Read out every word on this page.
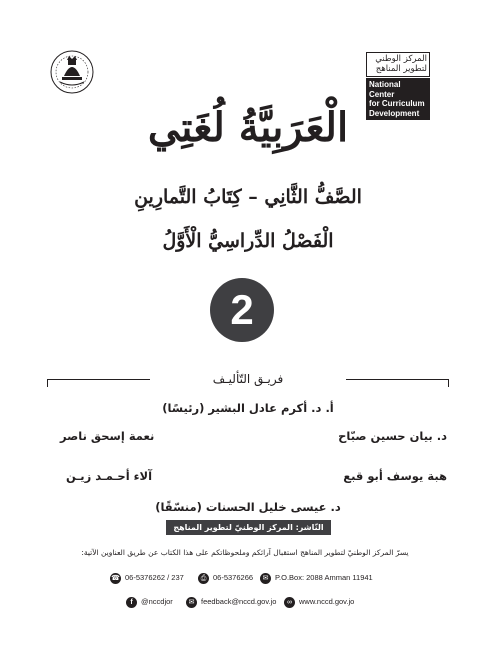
المركز الوطني
لتطوير المناهج
National Center
for Curriculum
Development
الْعَرَبِيَّةُ لُغَتِي
الصَّفُّ الثَّانِي – كِتَابُ التَّمارِينِ
الْفَصْلُ الدِّراسِيُّ الْأَوَّلُ
2
فريـق التّأليـف
أ. د. أكرم عادل البشير (رئيسًا)
د. بيان حسين صبّاح
نعمة إسحق ناصر
هبة يوسف أبو قبع
آلاء أحـمـد زيـن
د. عيسى خليل الحسنات (منسّقًا)
النّاشر: المركز الوطنيّ لتطوير المناهج
يسرّ المركز الوطنيّ لتطوير المناهج استقبال آرائكم وملحوظاتكم على هذا الكتاب عن طريق العناوين الآتية:
☎ 06-5376262 / 237	⎙ 06-5376266	✉ P.O.Box: 2088 Amman 11941
f	@nccdjor	✉ feedback@nccd.gov.jo	∞ www.nccd.gov.jo
